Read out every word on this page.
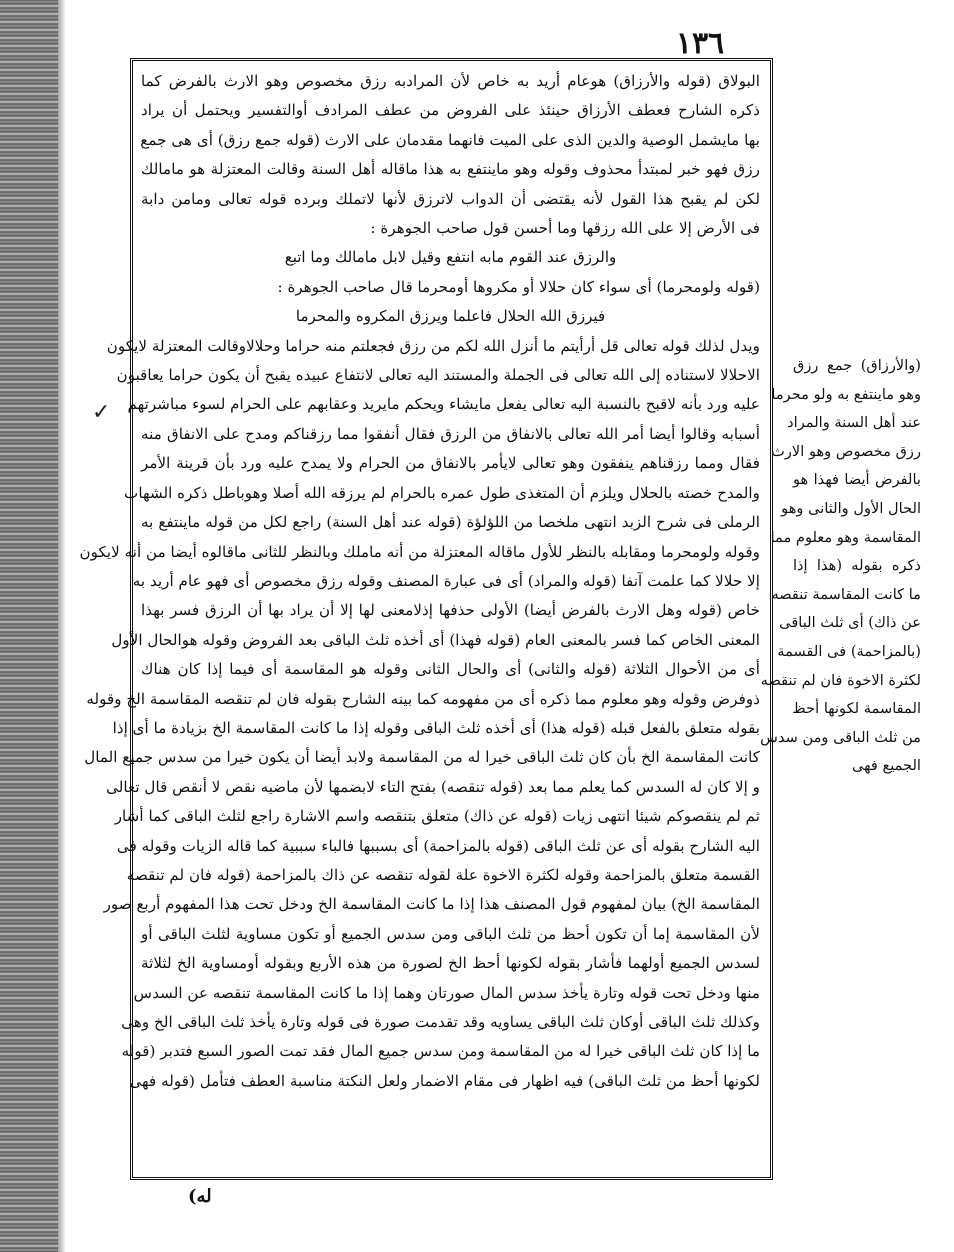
١٣٦

البولاق (قوله والأرزاق) هوعام أريد به خاص لأن المرادبه رزق مخصوص وهو الارث بالفرض كما

ذكره الشارح فعطف الأرزاق حينئذ على الفروض من عطف المرادف أوالتفسير ويحتمل أن يراد

بها مايشمل الوصية والدين الذى على الميت فانهما مقدمان على الارث (قوله جمع رزق) أى هى جمع

رزق فهو خبر لمبتدأ محذوف وقوله وهو ماينتفع به هذا ماقاله أهل السنة وقالت المعتزلة هو مامالك

لكن لم يقبح هذا القول لأنه يقتضى أن الدواب لاترزق لأنها لاتملك وبرده قوله تعالى ومامن دابة

فى الأرض إلا على الله رزقها وما أحسن قول صاحب الجوهرة :

والرزق عند القوم مابه انتفع وقيل لابل مامالك وما اتبع

(قوله ولومحرما) أى سواء كان حلالا أو مكروها أومحرما قال صاحب الجوهرة :

فيرزق الله الحلال فاعلما ويرزق المكروه والمحرما

ويدل لذلك قوله تعالى قل أرأيتم ما أنزل الله لكم من رزق فجعلتم منه حراما وحلالاوقالت المعتزلة لايكون

الاحلالا لاستناده إلى الله تعالى فى الجملة والمستند اليه تعالى لانتفاع عبيده يقبح أن يكون حراما يعاقبون

عليه ورد بأنه لاقبح بالنسبة اليه تعالى يفعل مايشاء ويحكم مايريد وعقابهم على الحرام لسوء مباشرتهم

أسبابه وقالوا أيضا أمر الله تعالى بالانفاق من الرزق فقال أنفقوا مما رزقناكم ومدح على الانفاق منه

فقال ومما رزقناهم ينفقون وهو تعالى لايأمر بالانفاق من الحرام ولا يمدح عليه ورد بأن قرينة الأمر

والمدح خصته بالحلال ويلزم أن المتغذى طول عمره بالحرام لم يرزقه الله أصلا وهوباطل ذكره الشهاب

الرملى فى شرح الزبد انتهى ملخصا من اللؤلؤة (قوله عند أهل السنة) راجع لكل من قوله ماينتفع به

وقوله ولومحرما ومقابله بالنظر للأول ماقاله المعتزلة من أنه ماملك وبالنظر للثانى ماقالوه أيضا من أنه لايكون

إلا حلالا كما علمت آنفا (قوله والمراد) أى فى عبارة المصنف وقوله رزق مخصوص أى فهو عام أريد به

خاص (قوله وهل الارث بالفرض أيضا) الأولى حذفها إذلامعنى لها إلا أن يراد بها أن الرزق فسر بهذا

المعنى الخاص كما فسر بالمعنى العام (قوله فهذا) أى أخذه ثلث الباقى بعد الفروض وقوله هوالحال الأول

أى من الأحوال الثلاثة (قوله والثانى) أى والحال الثانى وقوله هو المقاسمة أى فيما إذا كان هناك

ذوفرض وقوله وهو معلوم مما ذكره أى من مفهومه كما بينه الشارح بقوله فان لم تنقصه المقاسمة الخ وقوله

بقوله متعلق بالفعل قبله (قوله هذا) أى أخذه ثلث الباقى وقوله إذا ما كانت المقاسمة الخ بزيادة ما أى إذا

كانت المقاسمة الخ بأن كان ثلث الباقى خيرا له من المقاسمة ولابد أيضا أن يكون خيرا من سدس جميع المال

و إلا كان له السدس كما يعلم مما بعد (قوله تنقصه) بفتح التاء لابضمها لأن ماضيه نقص لا أنقص قال تعالى

ثم لم ينقصوكم شيئا انتهى زيات (قوله عن ذاك) متعلق بتنقصه واسم الاشارة راجع لثلث الباقى كما أشار

اليه الشارح بقوله أى عن ثلث الباقى (قوله بالمزاحمة) أى بسببها فالباء سببية كما قاله الزيات وقوله فى

القسمة متعلق بالمزاحمة وقوله لكثرة الاخوة علة لقوله تنقصه عن ذاك بالمزاحمة (قوله فان لم تنقصه

المقاسمة الخ) بيان لمفهوم قول المصنف هذا إذا ما كانت المقاسمة الخ ودخل تحت هذا المفهوم أربع صور

لأن المقاسمة إما أن تكون أحظ من ثلث الباقى ومن سدس الجميع أو تكون مساوية لثلث الباقى أو

لسدس الجميع أولهما فأشار بقوله لكونها أحظ الخ لصورة من هذه الأربع وبقوله أومساوية الخ لثلاثة

منها ودخل تحت قوله وتارة يأخذ سدس المال صورتان وهما إذا ما كانت المقاسمة تنقصه عن السدس

وكذلك ثلث الباقى أوكان ثلث الباقى يساويه وقد تقدمت صورة فى قوله وتارة يأخذ ثلث الباقى الخ وهى

ما إذا كان ثلث الباقى خيرا له من المقاسمة ومن سدس جميع المال فقد تمت الصور السبع فتدبر (قوله

لكونها أحظ من ثلث الباقى) فيه اظهار فى مقام الاضمار ولعل النكتة مناسبة العطف فتأمل (قوله فهى

(والأرزاق) جمع رزق

وهو ماينتفع به ولو محرما

عند أهل السنة والمراد

رزق مخصوص وهو الارث

بالفرض أيضا فهذا هو

الحال الأول والثانى وهو

المقاسمة وهو معلوم مما

ذكره بقوله (هذا إذا

ما كانت المقاسمة تنقصه

عن ذاك) أى ثلث الباقى

(بالمزاحمة) فى القسمة

لكثرة الاخوة فان لم تنقصه

المقاسمة لكونها أحظ

من ثلث الباقى ومن سدس

الجميع فهى

✓
له)
